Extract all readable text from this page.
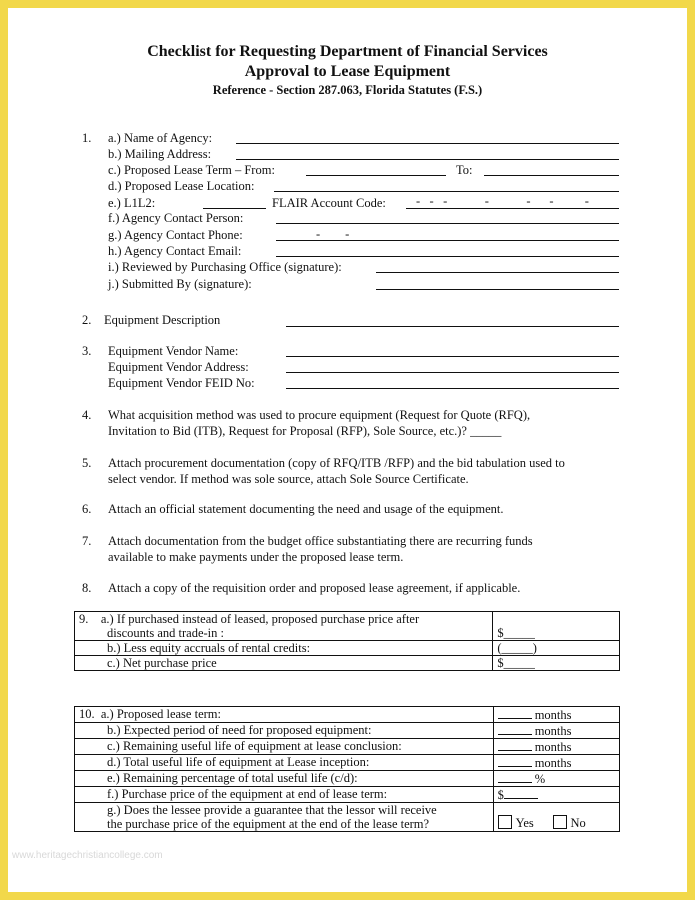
Checklist for Requesting Department of Financial Services
Approval to Lease Equipment
Reference - Section 287.063, Florida Statutes (F.S.)
1. a.) Name of Agency:
b.) Mailing Address:
c.) Proposed Lease Term – From:	To:
d.) Proposed Lease Location:
e.) L1L2:	FLAIR Account Code: -   -   -            -            -      -          -
f.) Agency Contact Person:
g.) Agency Contact Phone:	-        -
h.) Agency Contact Email:
i.) Reviewed by Purchasing Office (signature):
j.) Submitted By (signature):
2. Equipment Description
3. Equipment Vendor Name:
Equipment Vendor Address:
Equipment Vendor FEID No:
4. What acquisition method was used to procure equipment (Request for Quote (RFQ),
Invitation to Bid (ITB), Request for Proposal (RFP), Sole Source, etc.)? _____
5. Attach procurement documentation (copy of RFQ/ITB /RFP) and the bid tabulation used to
select vendor. If method was sole source, attach Sole Source Certificate.
6. Attach an official statement documenting the need and usage of the equipment.
7. Attach documentation from the budget office substantiating there are recurring funds
available to make payments under the proposed lease term.
8. Attach a copy of the requisition order and proposed lease agreement, if applicable.
9. a.) If purchased instead of leased, proposed purchase price after
discounts and trade-in :	$_____
b.) Less equity accruals of rental credits:	(_____)
c.) Net purchase price	$_____
10. a.) Proposed lease term:	months
b.) Expected period of need for proposed equipment:	months
c.) Remaining useful life of equipment at lease conclusion:	months
d.) Total useful life of equipment at Lease inception:	months
e.) Remaining percentage of total useful life (c/d):	%
f.) Purchase price of the equipment at end of lease term:	$
g.) Does the lessee provide a guarantee that the lessor will receive
the purchase price of the equipment at the end of the lease term?	Yes No
www.heritagechristiancollege.com
